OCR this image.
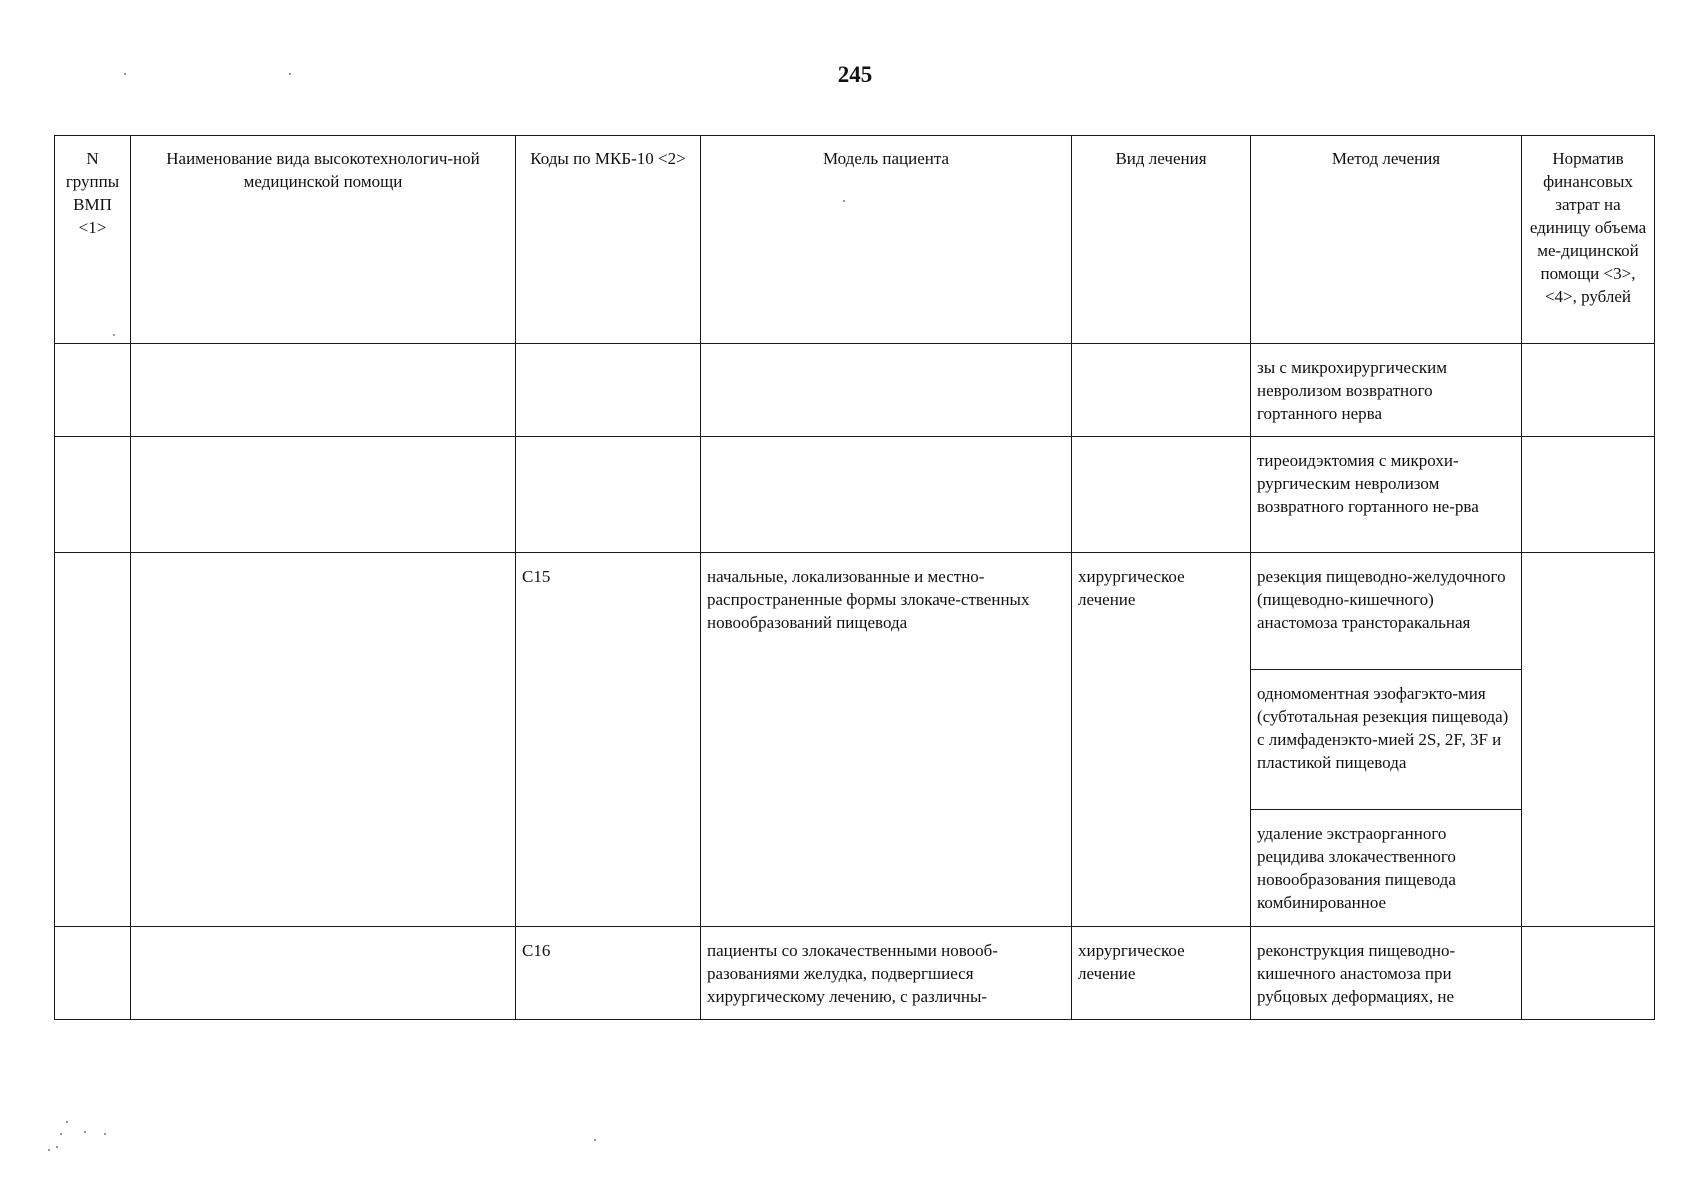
245
N группы ВМП <1>	Наименование вида высокотехнологич-ной медицинской помощи	Коды по МКБ-10 <2>	Модель пациента	Вид лечения	Метод лечения	Норматив финансовых затрат на единицу объема ме-дицинской помощи <3>, <4>, рублей
					зы с микрохирургическим невролизом возвратного гортанного нерва	
					тиреоидэктомия с микрохи-рургическим невролизом возвратного гортанного не-рва	
		C15	начальные, локализованные и местно-распространенные формы злокаче-ственных новообразований пищевода	хирургическое лечение	резекция пищеводно-желудочного (пищеводно-кишечного) анастомоза трансторакальная	
					одномоментная эзофагэкто-мия (субтотальная резекция пищевода) с лимфаденэкто-мией 2S, 2F, 3F и пластикой пищевода	
					удаление экстраорганного рецидива злокачественного новообразования пищевода комбинированное	
		C16	пациенты со злокачественными новооб-разованиями желудка, подвергшиеся хирургическому лечению, с различны-	хирургическое лечение	реконструкция пищеводно-кишечного анастомоза при рубцовых деформациях, не	
